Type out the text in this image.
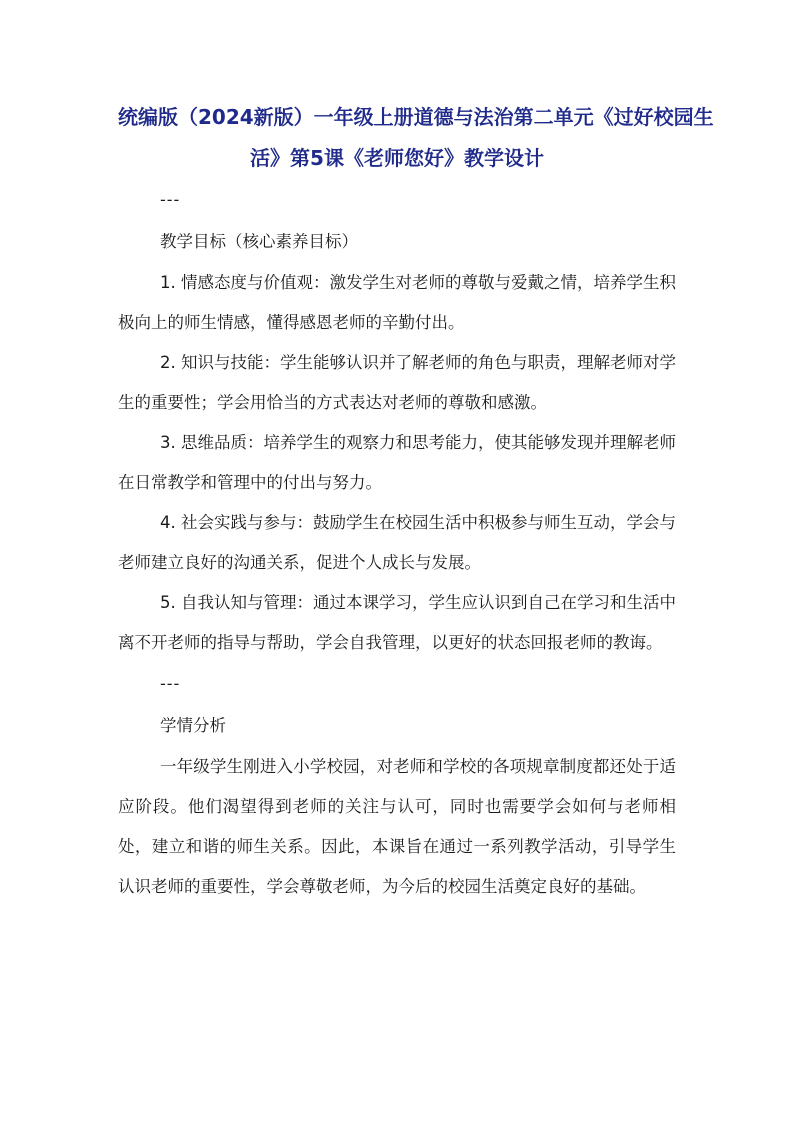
统编版（2024新版）一年级上册道德与法治第二单元《过好校园生
活》第5课《老师您好》教学设计

---

教学目标（核心素养目标）

1. 情感态度与价值观：激发学生对老师的尊敬与爱戴之情，培养学生积极向上的师生情感，懂得感恩老师的辛勤付出。

2. 知识与技能：学生能够认识并了解老师的角色与职责，理解老师对学生的重要性；学会用恰当的方式表达对老师的尊敬和感激。

3. 思维品质：培养学生的观察力和思考能力，使其能够发现并理解老师在日常教学和管理中的付出与努力。

4. 社会实践与参与：鼓励学生在校园生活中积极参与师生互动，学会与老师建立良好的沟通关系，促进个人成长与发展。

5. 自我认知与管理：通过本课学习，学生应认识到自己在学习和生活中离不开老师的指导与帮助，学会自我管理，以更好的状态回报老师的教诲。

---

学情分析

一年级学生刚进入小学校园，对老师和学校的各项规章制度都还处于适应阶段。他们渴望得到老师的关注与认可，同时也需要学会如何与老师相处，建立和谐的师生关系。因此，本课旨在通过一系列教学活动，引导学生认识老师的重要性，学会尊敬老师，为今后的校园生活奠定良好的基础。
